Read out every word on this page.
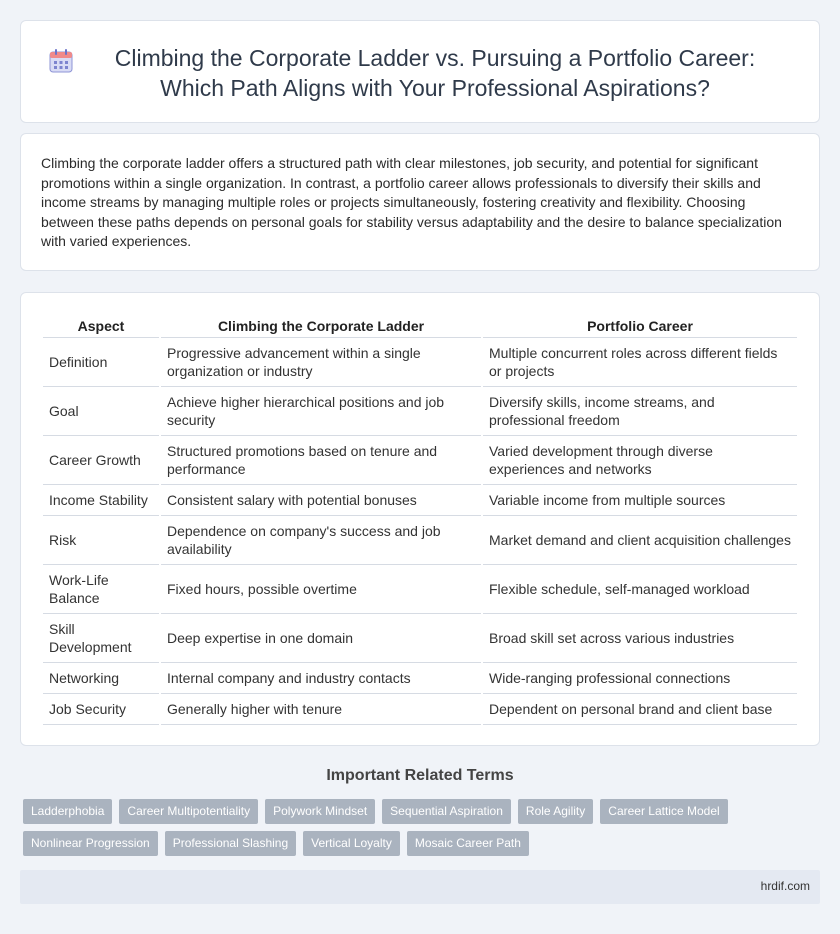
Climbing the Corporate Ladder vs. Pursuing a Portfolio Career: Which Path Aligns with Your Professional Aspirations?

Climbing the corporate ladder offers a structured path with clear milestones, job security, and potential for significant promotions within a single organization. In contrast, a portfolio career allows professionals to diversify their skills and income streams by managing multiple roles or projects simultaneously, fostering creativity and flexibility. Choosing between these paths depends on personal goals for stability versus adaptability and the desire to balance specialization with varied experiences.

Aspect	Climbing the Corporate Ladder	Portfolio Career
Definition	Progressive advancement within a single organization or industry	Multiple concurrent roles across different fields or projects
Goal	Achieve higher hierarchical positions and job security	Diversify skills, income streams, and professional freedom
Career Growth	Structured promotions based on tenure and performance	Varied development through diverse experiences and networks
Income Stability	Consistent salary with potential bonuses	Variable income from multiple sources
Risk	Dependence on company's success and job availability	Market demand and client acquisition challenges
Work-Life Balance	Fixed hours, possible overtime	Flexible schedule, self-managed workload
Skill Development	Deep expertise in one domain	Broad skill set across various industries
Networking	Internal company and industry contacts	Wide-ranging professional connections
Job Security	Generally higher with tenure	Dependent on personal brand and client base
Important Related Terms
Ladderphobia	Career Multipotentiality	Polywork Mindset	Sequential Aspiration	Role Agility	Career Lattice Model
Nonlinear Progression	Professional Slashing	Vertical Loyalty	Mosaic Career Path
hrdif.com
